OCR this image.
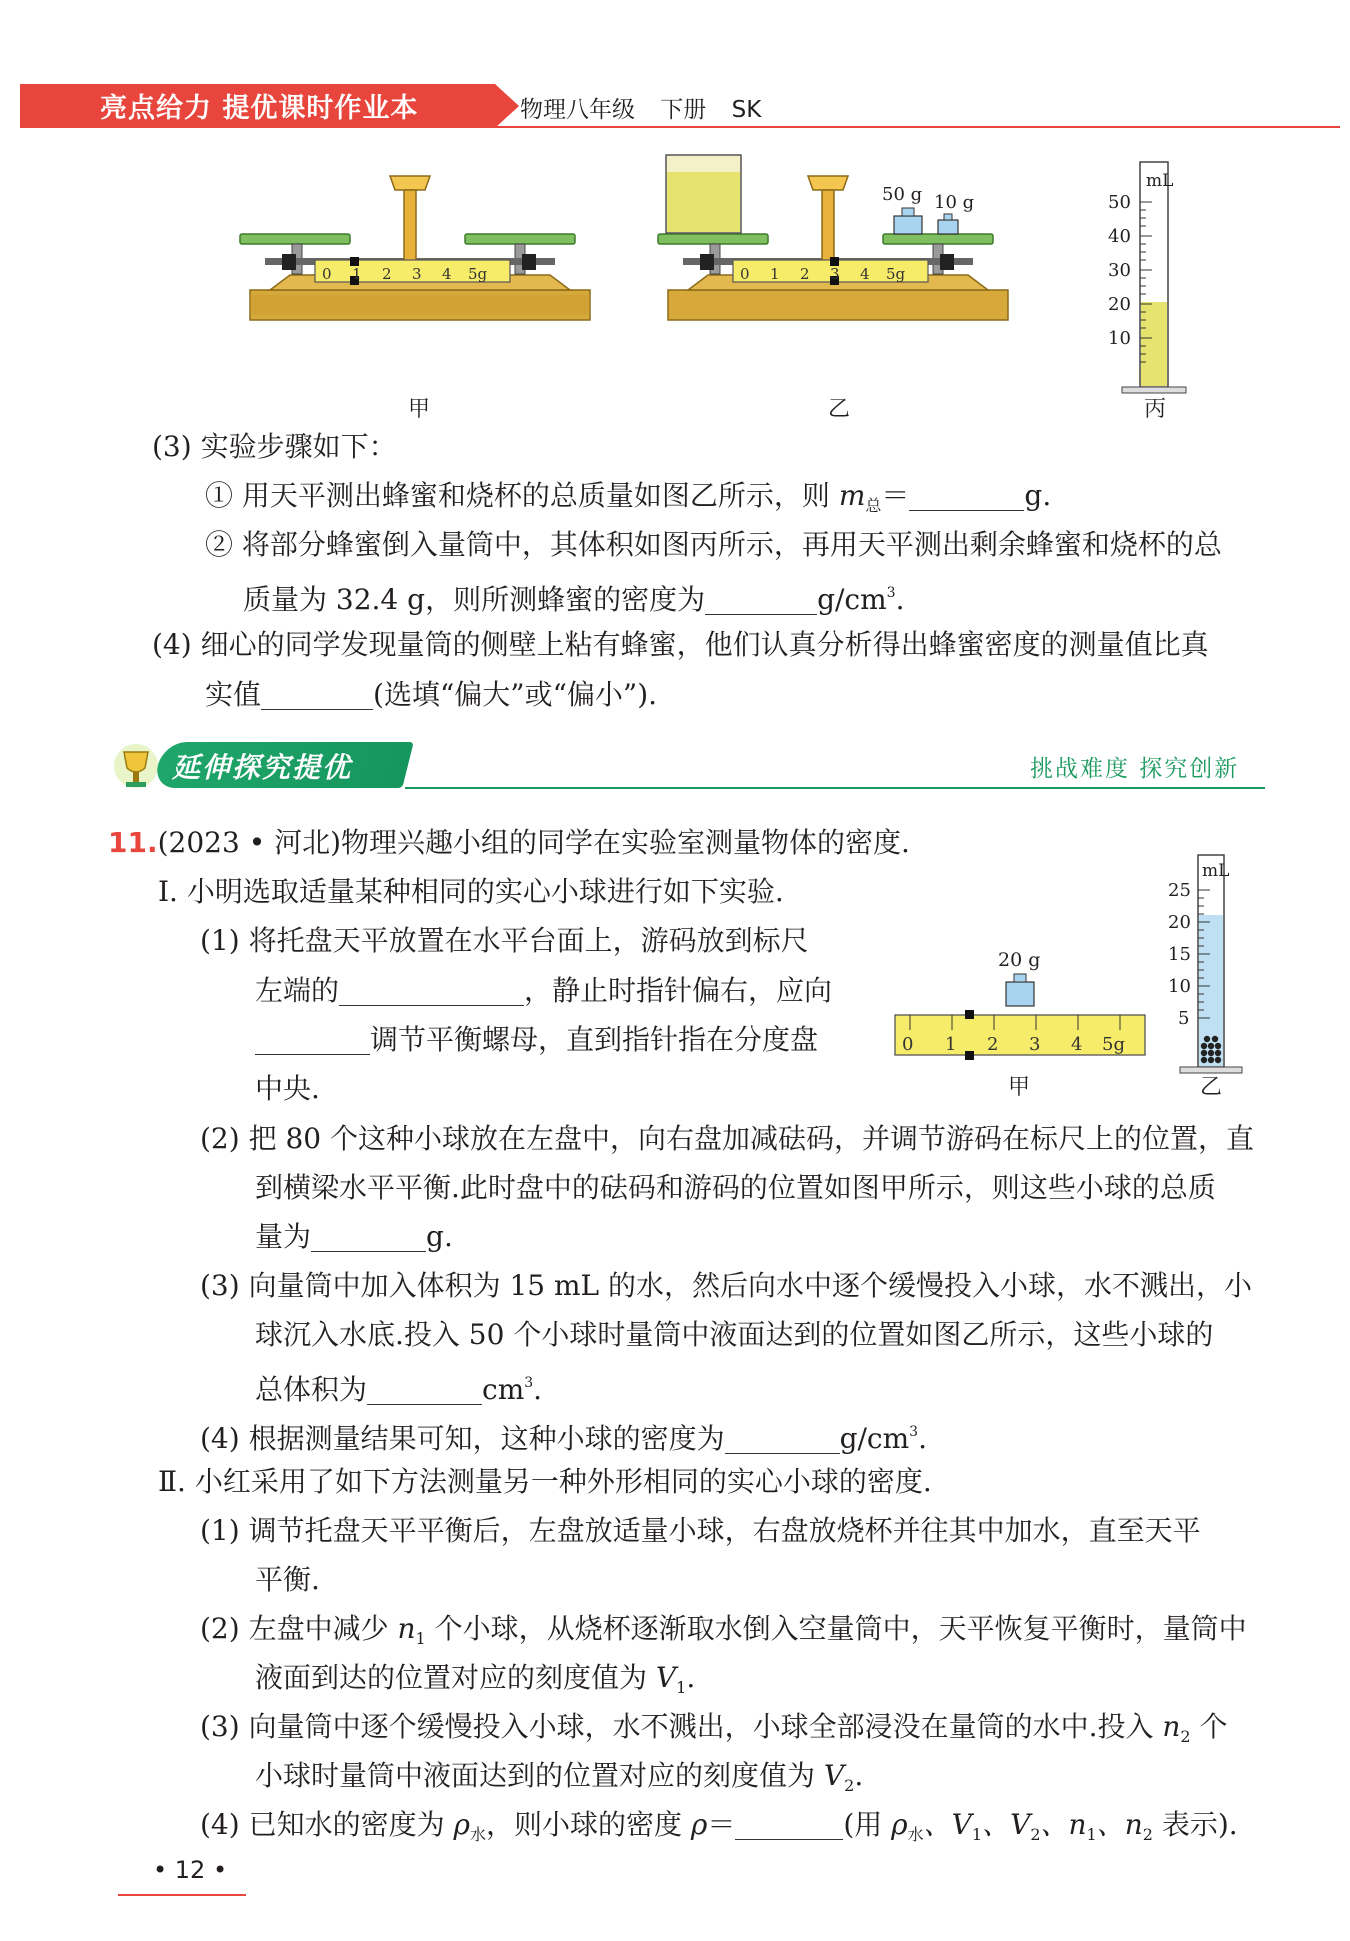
亮点给力 提优课时作业本	物理八年级 下册 SK
0 1 2 3 4 5g
甲
0 1 2 3 4 5g
50 g 10 g
乙
mL
50
40
30
20
10
丙
(3) 实验步骤如下：
① 用天平测出蜂蜜和烧杯的总质量如图乙所示，则 $m_总=$	g.
② 将部分蜂蜜倒入量筒中，其体积如图丙所示，再用天平测出剩余蜂蜜和烧杯的总
质量为 32.4 g，则所测蜂蜜的密度为	$g/cm^3$.
(4) 细心的同学发现量筒的侧壁上粘有蜂蜜，他们认真分析得出蜂蜜密度的测量值比真
实值	(选填“偏大”或“偏小”).
延伸探究提优	挑战难度 探究创新
11.(2023 • 河北)物理兴趣小组的同学在实验室测量物体的密度.
Ⅰ. 小明选取适量某种相同的实心小球进行如下实验.
(1) 将托盘天平放置在水平台面上，游码放到标尺
左端的	，静止时指针偏右，应向
调节平衡螺母，直到指针指在分度盘
中央.
0 1 2 3 4 5g
20 g
甲
mL
25
20
15
10
5
乙
(2) 把 80 个这种小球放在左盘中，向右盘加减砝码，并调节游码在标尺上的位置，直
到横梁水平平衡.此时盘中的砝码和游码的位置如图甲所示，则这些小球的总质
量为	g.
(3) 向量筒中加入体积为 15 mL 的水，然后向水中逐个缓慢投入小球，水不溅出，小
球沉入水底.投入 50 个小球时量筒中液面达到的位置如图乙所示，这些小球的
总体积为	$cm^3$.
(4) 根据测量结果可知，这种小球的密度为	$g/cm^3$.
Ⅱ. 小红采用了如下方法测量另一种外形相同的实心小球的密度.
(1) 调节托盘天平平衡后，左盘放适量小球，右盘放烧杯并往其中加水，直至天平
平衡.
(2) 左盘中减少 $n_1$ 个小球，从烧杯逐渐取水倒入空量筒中，天平恢复平衡时，量筒中
液面到达的位置对应的刻度值为 $V_1$.
(3) 向量筒中逐个缓慢投入小球，水不溅出，小球全部浸没在量筒的水中.投入 $n_2$ 个
小球时量筒中液面达到的位置对应的刻度值为 $V_2$.
(4) 已知水的密度为 $\rho_水$，则小球的密度 ρ＝	(用 $\rho_水$、$V_1$、$V_2$、$n_1$、$n_2$ 表示).
• 12 •
